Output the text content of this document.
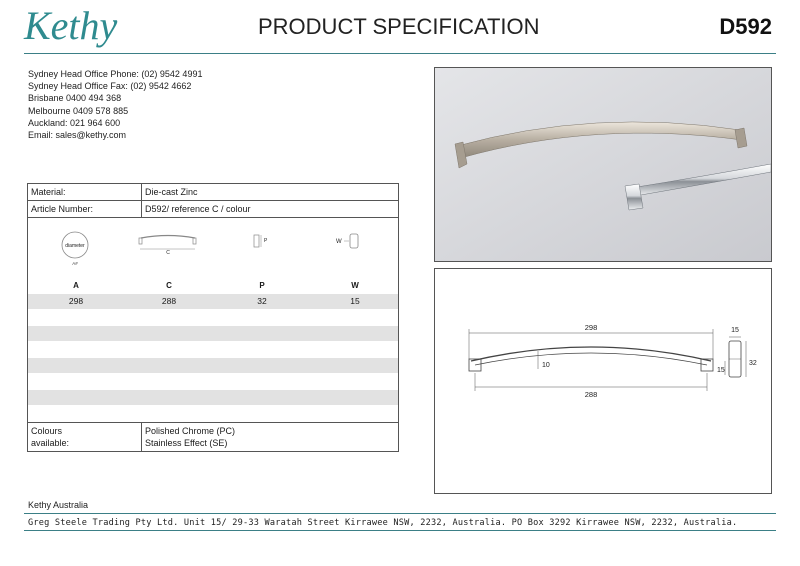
Kethy	PRODUCT SPECIFICATION	D592
Sydney Head Office Phone: (02) 9542 4991
Sydney Head Office Fax: (02) 9542 4662
Brisbane 0400 494 368
Melbourne 0409 578 885
Auckland: 021 964 600
Email: sales@kethy.com
Material:	Die-cast Zinc
Article Number:	D592/ reference C / colour
diameter
A#
C
P	W
A	C	P	W
298	288	32	15
Colours
available:
Polished Chrome (PC)
Stainless Effect (SE)
298
10
288
15
32
15
Kethy Australia
Greg Steele Trading Pty Ltd. Unit 15/ 29-33 Waratah Street Kirrawee NSW, 2232, Australia. PO Box 3292 Kirrawee NSW, 2232, Australia.
